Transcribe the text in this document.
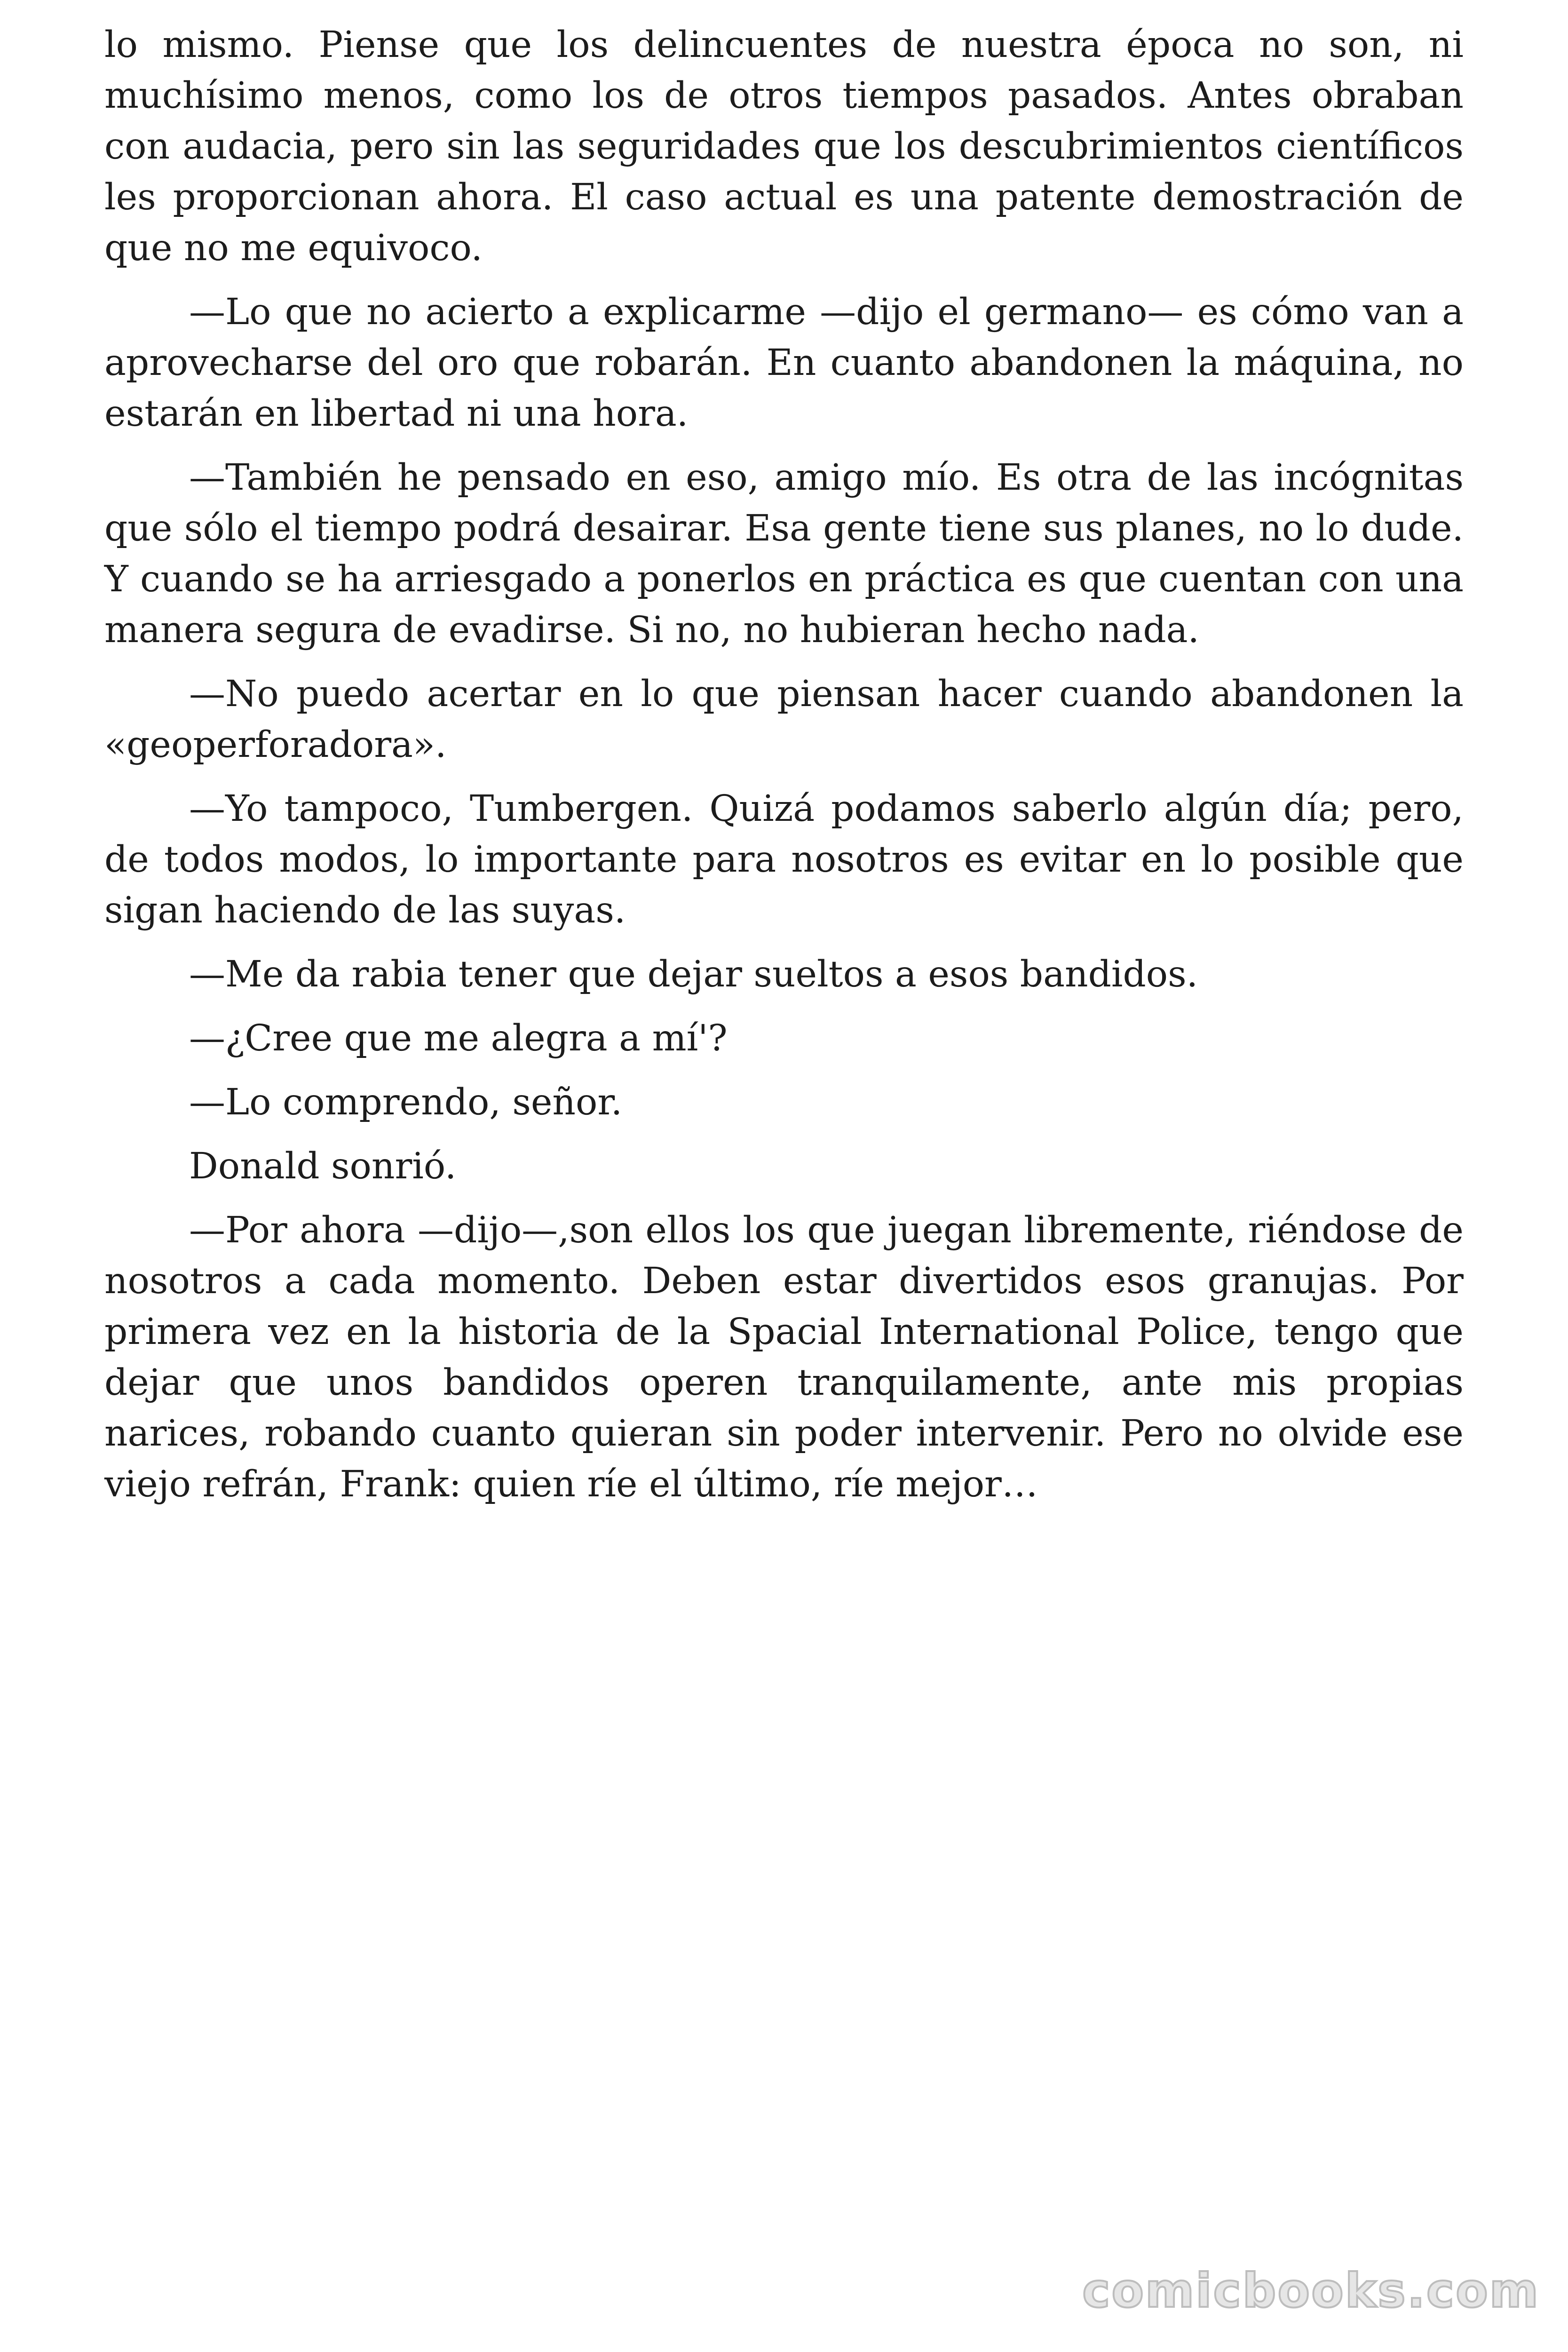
lo mismo. Piense que los delincuentes de nuestra época no son, ni muchísimo menos, como los de otros tiempos pasados. Antes obraban con audacia, pero sin las seguridades que los descubrimientos científicos les proporcionan ahora. El caso actual es una patente demostración de que no me equivoco.

—Lo que no acierto a explicarme —dijo el germano— es cómo van a aprovecharse del oro que robarán. En cuanto abandonen la máquina, no estarán en libertad ni una hora.

—También he pensado en eso, amigo mío. Es otra de las incógnitas que sólo el tiempo podrá desairar. Esa gente tiene sus planes, no lo dude. Y cuando se ha arriesgado a ponerlos en práctica es que cuentan con una manera segura de evadirse. Si no, no hubieran hecho nada.

—No puedo acertar en lo que piensan hacer cuando abandonen la «geoperforadora».

—Yo tampoco, Tumbergen. Quizá podamos saberlo algún día; pero, de todos modos, lo importante para nosotros es evitar en lo posible que sigan haciendo de las suyas.

—Me da rabia tener que dejar sueltos a esos bandidos.

—¿Cree que me alegra a mí'?

—Lo comprendo, señor.

Donald sonrió.

—Por ahora —dijo—,son ellos los que juegan libremente, riéndose de nosotros a cada momento. Deben estar divertidos esos granujas. Por primera vez en la historia de la Spacial International Police, tengo que dejar que unos bandidos operen tranquilamente, ante mis propias narices, robando cuanto quieran sin poder intervenir. Pero no olvide ese viejo refrán, Frank: quien ríe el último, ríe mejor…

comicbooks.com
